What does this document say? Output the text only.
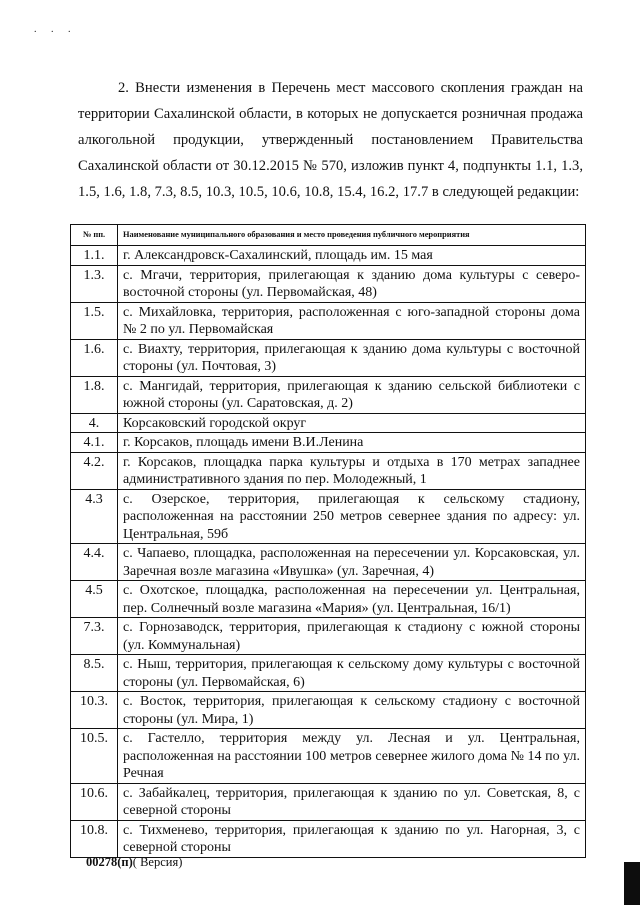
. . .

2. Внести изменения в Перечень мест массового скопления граждан на территории Сахалинской области, в которых не допускается розничная продажа алкогольной продукции, утвержденный постановлением Правительства Сахалинской области от 30.12.2015 № 570, изложив пункт 4, подпункты 1.1, 1.3, 1.5, 1.6, 1.8, 7.3, 8.5, 10.3, 10.5, 10.6, 10.8, 15.4, 16.2, 17.7 в следующей редакции:

№ пп.	Наименование муниципального образования и место проведения публичного мероприятия
1.1.	г. Александровск-Сахалинский, площадь им. 15 мая
1.3.	с. Мгачи, территория, прилегающая к зданию дома культуры с северо-восточной стороны (ул. Первомайская, 48)
1.5.	с. Михайловка, территория, расположенная с юго-западной стороны дома № 2 по ул. Первомайская
1.6.	с. Виахту, территория, прилегающая к зданию дома культуры с восточной стороны (ул. Почтовая, 3)
1.8.	с. Мангидай, территория, прилегающая к зданию сельской библиотеки с южной стороны (ул. Саратовская, д. 2)
4.	Корсаковский городской округ
4.1.	г. Корсаков, площадь имени В.И.Ленина
4.2.	г. Корсаков, площадка парка культуры и отдыха в 170 метрах западнее административного здания по пер. Молодежный, 1
4.3	с. Озерское, территория, прилегающая к сельскому стадиону, расположенная на расстоянии 250 метров севернее здания по адресу: ул. Центральная, 59б
4.4.	с. Чапаево, площадка, расположенная на пересечении ул. Корсаковская, ул. Заречная возле магазина «Ивушка» (ул. Заречная, 4)
4.5	с. Охотское, площадка, расположенная на пересечении ул. Центральная, пер. Солнечный возле магазина «Мария» (ул. Центральная, 16/1)
7.3.	с. Горнозаводск, территория, прилегающая к стадиону с южной стороны (ул. Коммунальная)
8.5.	с. Ныш, территория, прилегающая к сельскому дому культуры с восточной стороны (ул. Первомайская, 6)
10.3.	с. Восток, территория, прилегающая к сельскому стадиону с восточной стороны (ул. Мира, 1)
10.5.	с. Гастелло, территория между ул. Лесная и ул. Центральная, расположенная на расстоянии 100 метров севернее жилого дома № 14 по ул. Речная
10.6.	с. Забайкалец, территория, прилегающая к зданию по ул. Советская, 8, с северной стороны
10.8.	с. Тихменево, территория, прилегающая к зданию по ул. Нагорная, 3, с северной стороны
00278(п)( Версия)
